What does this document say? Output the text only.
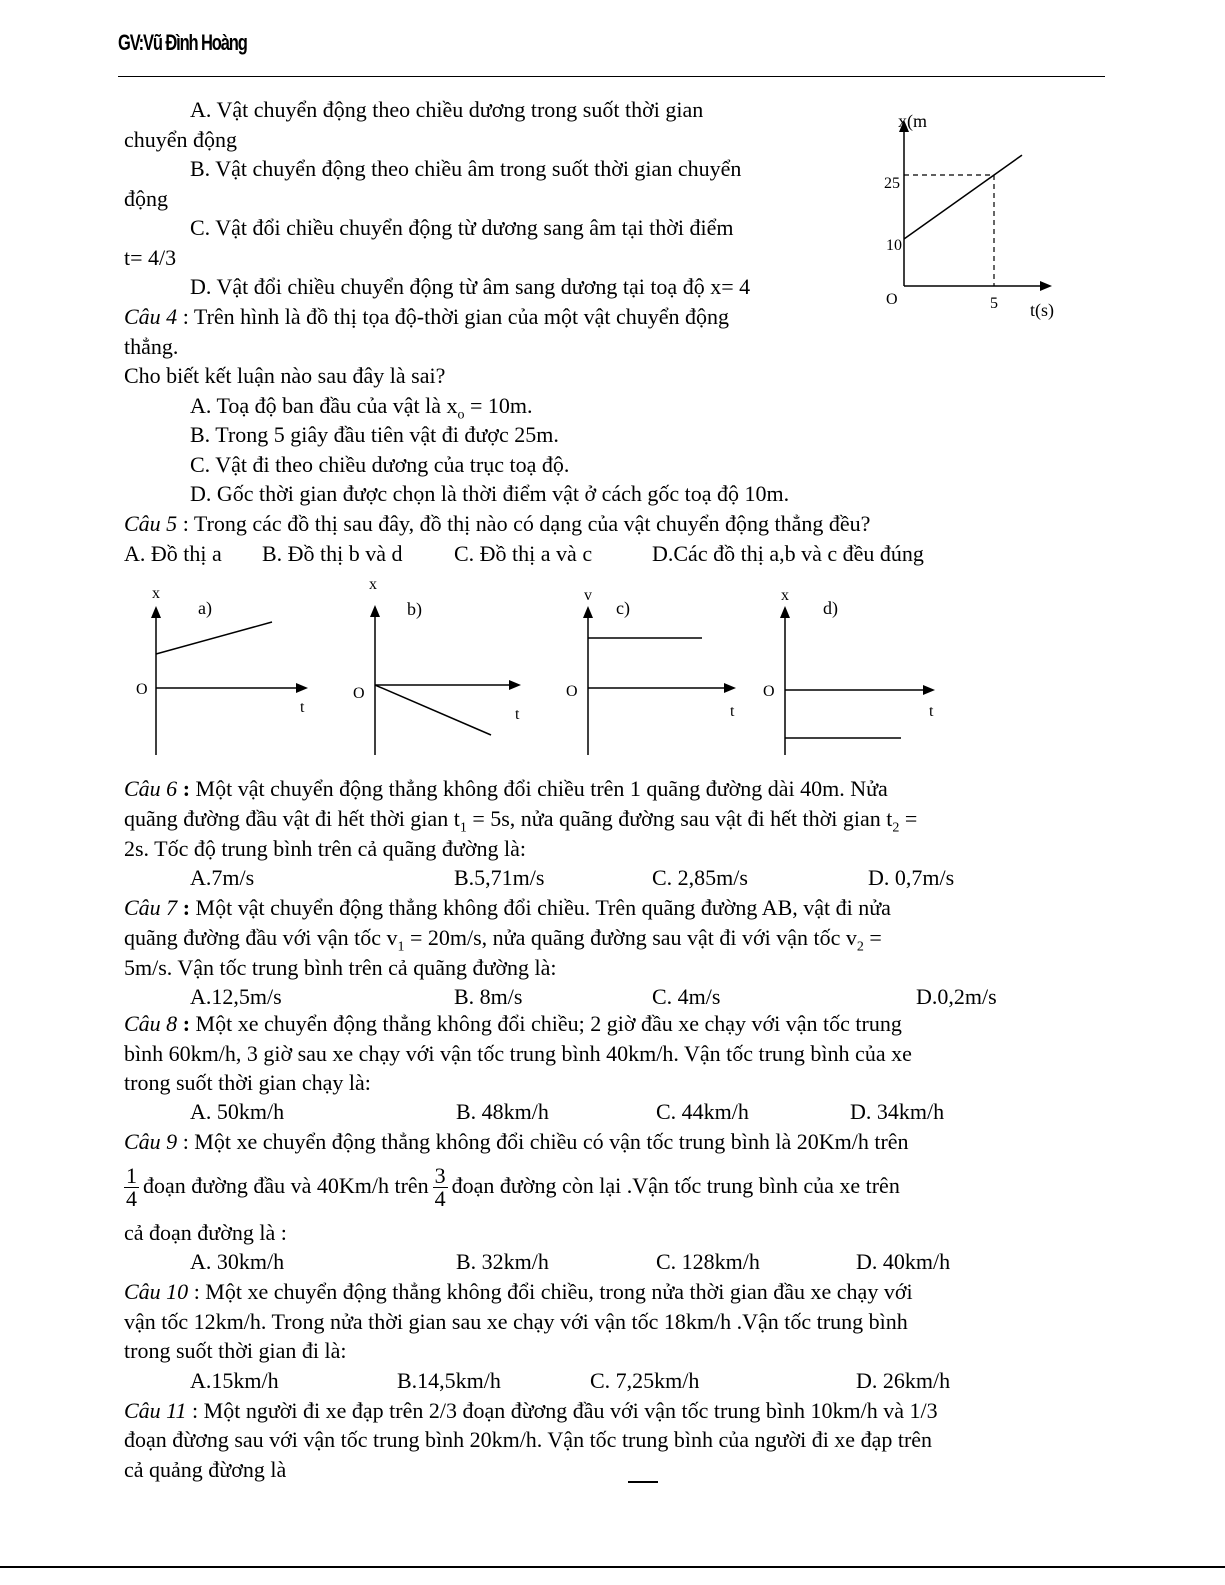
GV:Vũ Đình Hoàng
A. Vật chuyển động theo chiều dương trong suốt thời gian
chuyển động
B. Vật chuyển động theo chiều âm trong suốt thời gian chuyển
động
C. Vật đổi chiều chuyển động từ dương sang âm tại thời điểm
t= 4/3
D. Vật đổi chiều chuyển động từ âm sang dương tại toạ độ x= 4
Câu 4 : Trên hình là đồ thị tọa độ-thời gian của một vật chuyển động
thẳng.
Cho biết kết luận nào sau đây là sai?
A. Toạ độ ban đầu của vật là $x_o = 10m$.
B. Trong 5 giây đầu tiên vật đi được 25m.
C. Vật đi theo chiều dương của trục toạ độ.
D. Gốc thời gian được chọn là thời điểm vật ở cách gốc toạ độ 10m.
x(m
25
10
O	5 t(s)
Câu 5 : Trong các đồ thị sau đây, đồ thị nào có dạng của vật chuyển động thẳng đều?
A. Đồ thị a B. Đồ thị b và d C. Đồ thị a và c	D.Các đồ thị a,b và c đều đúng
x
a)
O
t
x
b)
O
t
v
c)
O
t
x
d)
O
t
Câu 6 : Một vật chuyển động thẳng không đổi chiều trên 1 quãng đường dài 40m. Nửa
quãng đường đầu vật đi hết thời gian $t_1 = 5s$, nửa quãng đường sau vật đi hết thời gian $t_2$ =
2s. Tốc độ trung bình trên cả quãng đường là:
A.7m/s	B.5,71m/s	C. 2,85m/s	D. 0,7m/s
Câu 7 : Một vật chuyển động thẳng không đổi chiều. Trên quãng đường AB, vật đi nửa
quãng đường đầu với vận tốc $v_1 = 20m/s$, nửa quãng đường sau vật đi với vận tốc $v_2$ =
5m/s. Vận tốc trung bình trên cả quãng đường là:
A.12,5m/s	B. 8m/s	C. 4m/s	D.0,2m/s
Câu 8 : Một xe chuyển động thẳng không đổi chiều; 2 giờ đầu xe chạy với vận tốc trung
bình 60km/h, 3 giờ sau xe chạy với vận tốc trung bình 40km/h. Vận tốc trung bình của xe
trong suốt thời gian chạy là:
A. 50km/h	B. 48km/h	C. 44km/h	D. 34km/h
Câu 9 : Một xe chuyển động thẳng không đổi chiều có vận tốc trung bình là 20Km/h trên
$\frac{1}{4}$ đoạn đường đầu và 40Km/h trên $\frac{3}{4}$ đoạn đường còn lại .Vận tốc trung bình của xe trên
cả đoạn đường là :
A. 30km/h	B. 32km/h	C. 128km/h	D. 40km/h
Câu 10 : Một xe chuyển động thẳng không đổi chiều, trong nửa thời gian đầu xe chạy với
vận tốc 12km/h. Trong nửa thời gian sau xe chạy với vận tốc 18km/h .Vận tốc trung bình
trong suốt thời gian đi là:
A.15km/h	B.14,5km/h	C. 7,25km/h	D. 26km/h
Câu 11 : Một người đi xe đạp trên 2/3 đoạn đừơng đầu với vận tốc trung bình 10km/h và 1/3
đoạn đừơng sau với vận tốc trung bình 20km/h. Vận tốc trung bình của người đi xe đạp trên
cả quảng đừơng là
